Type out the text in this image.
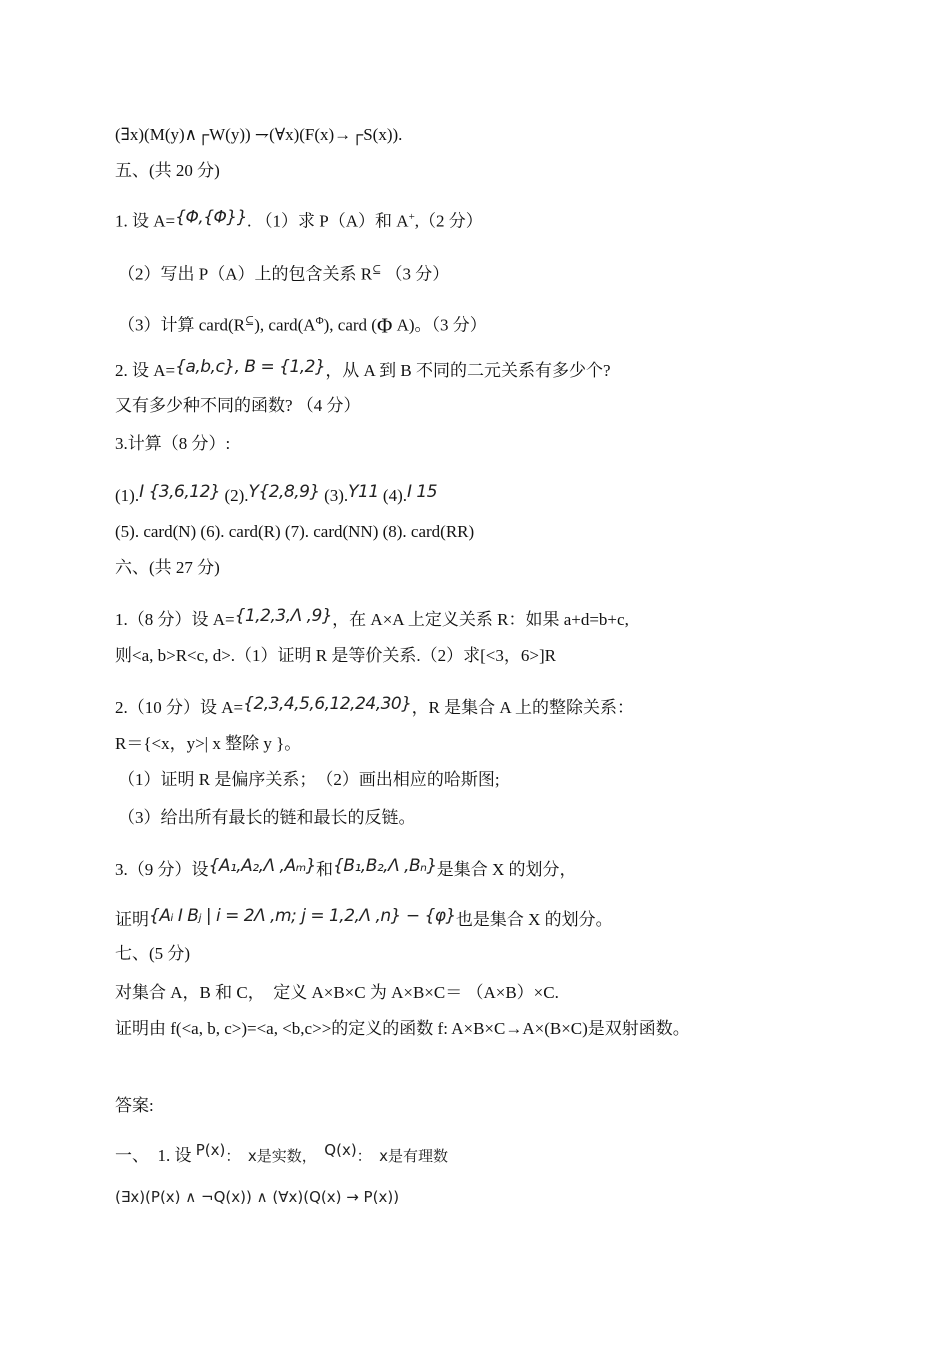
(∃x)(M(y)∧┌W(y)) ⇁(∀x)(F(x)→┌S(x)).
五、(共 20 分)
1. 设 A={Φ,{Φ}}. （1）求 P（A）和 A+,（2 分）
（2）写出 P（A）上的包含关系 R⊆ （3 分）
（3）计算 card(R⊆), $card(A^\Phi)$, card (Φ A)。（3 分）
2. 设 A={a,b,c}, B = {1,2}，从 A 到 B 不同的二元关系有多少个?
又有多少种不同的函数? （4 分）
3.计算（8 分）:
(1).I {3,6,12} (2).Y{2,8,9} (3).Y11 (4).I 15
(5). card(N) (6). card(R) (7). card(NN) (8). card(RR)
六、(共 27 分)
1.（8 分）设 A={1,2,3,Λ ,9}，在 A×A 上定义关系 R：如果 a+d=b+c,
则<a, b>R<c, d>.（1）证明 R 是等价关系.（2）求[<3，6>]R
2.（10 分）设 A={2,3,4,5,6,12,24,30}，R 是集合 A 上的整除关系：
R＝{<x，y>| x 整除 y }。
（1）证明 R 是偏序关系；　（2）画出相应的哈斯图;
（3）给出所有最长的链和最长的反链。
3.（9 分）设{A₁,A₂,Λ ,Aₘ}和{B₁,B₂,Λ ,Bₙ}是集合 X 的划分，
证明{Aᵢ I Bⱼ | i = 2Λ ,m; j = 1,2,Λ ,n} − {φ}也是集合 X 的划分。
七、(5 分)
对集合 A，B 和 C，　定义 A×B×C 为 A×B×C＝ （A×B）×C.
证明由 f(<a, b, c>)=<a, <b,c>>的定义的函数 f: A×B×C→A×(B×C)是双射函数。
答案:
一、　1. 设 P(x)：　x是实数，　Q(x)：　x是有理数
(∃x)(P(x) ∧ ¬Q(x)) ∧ (∀x)(Q(x) → P(x))
